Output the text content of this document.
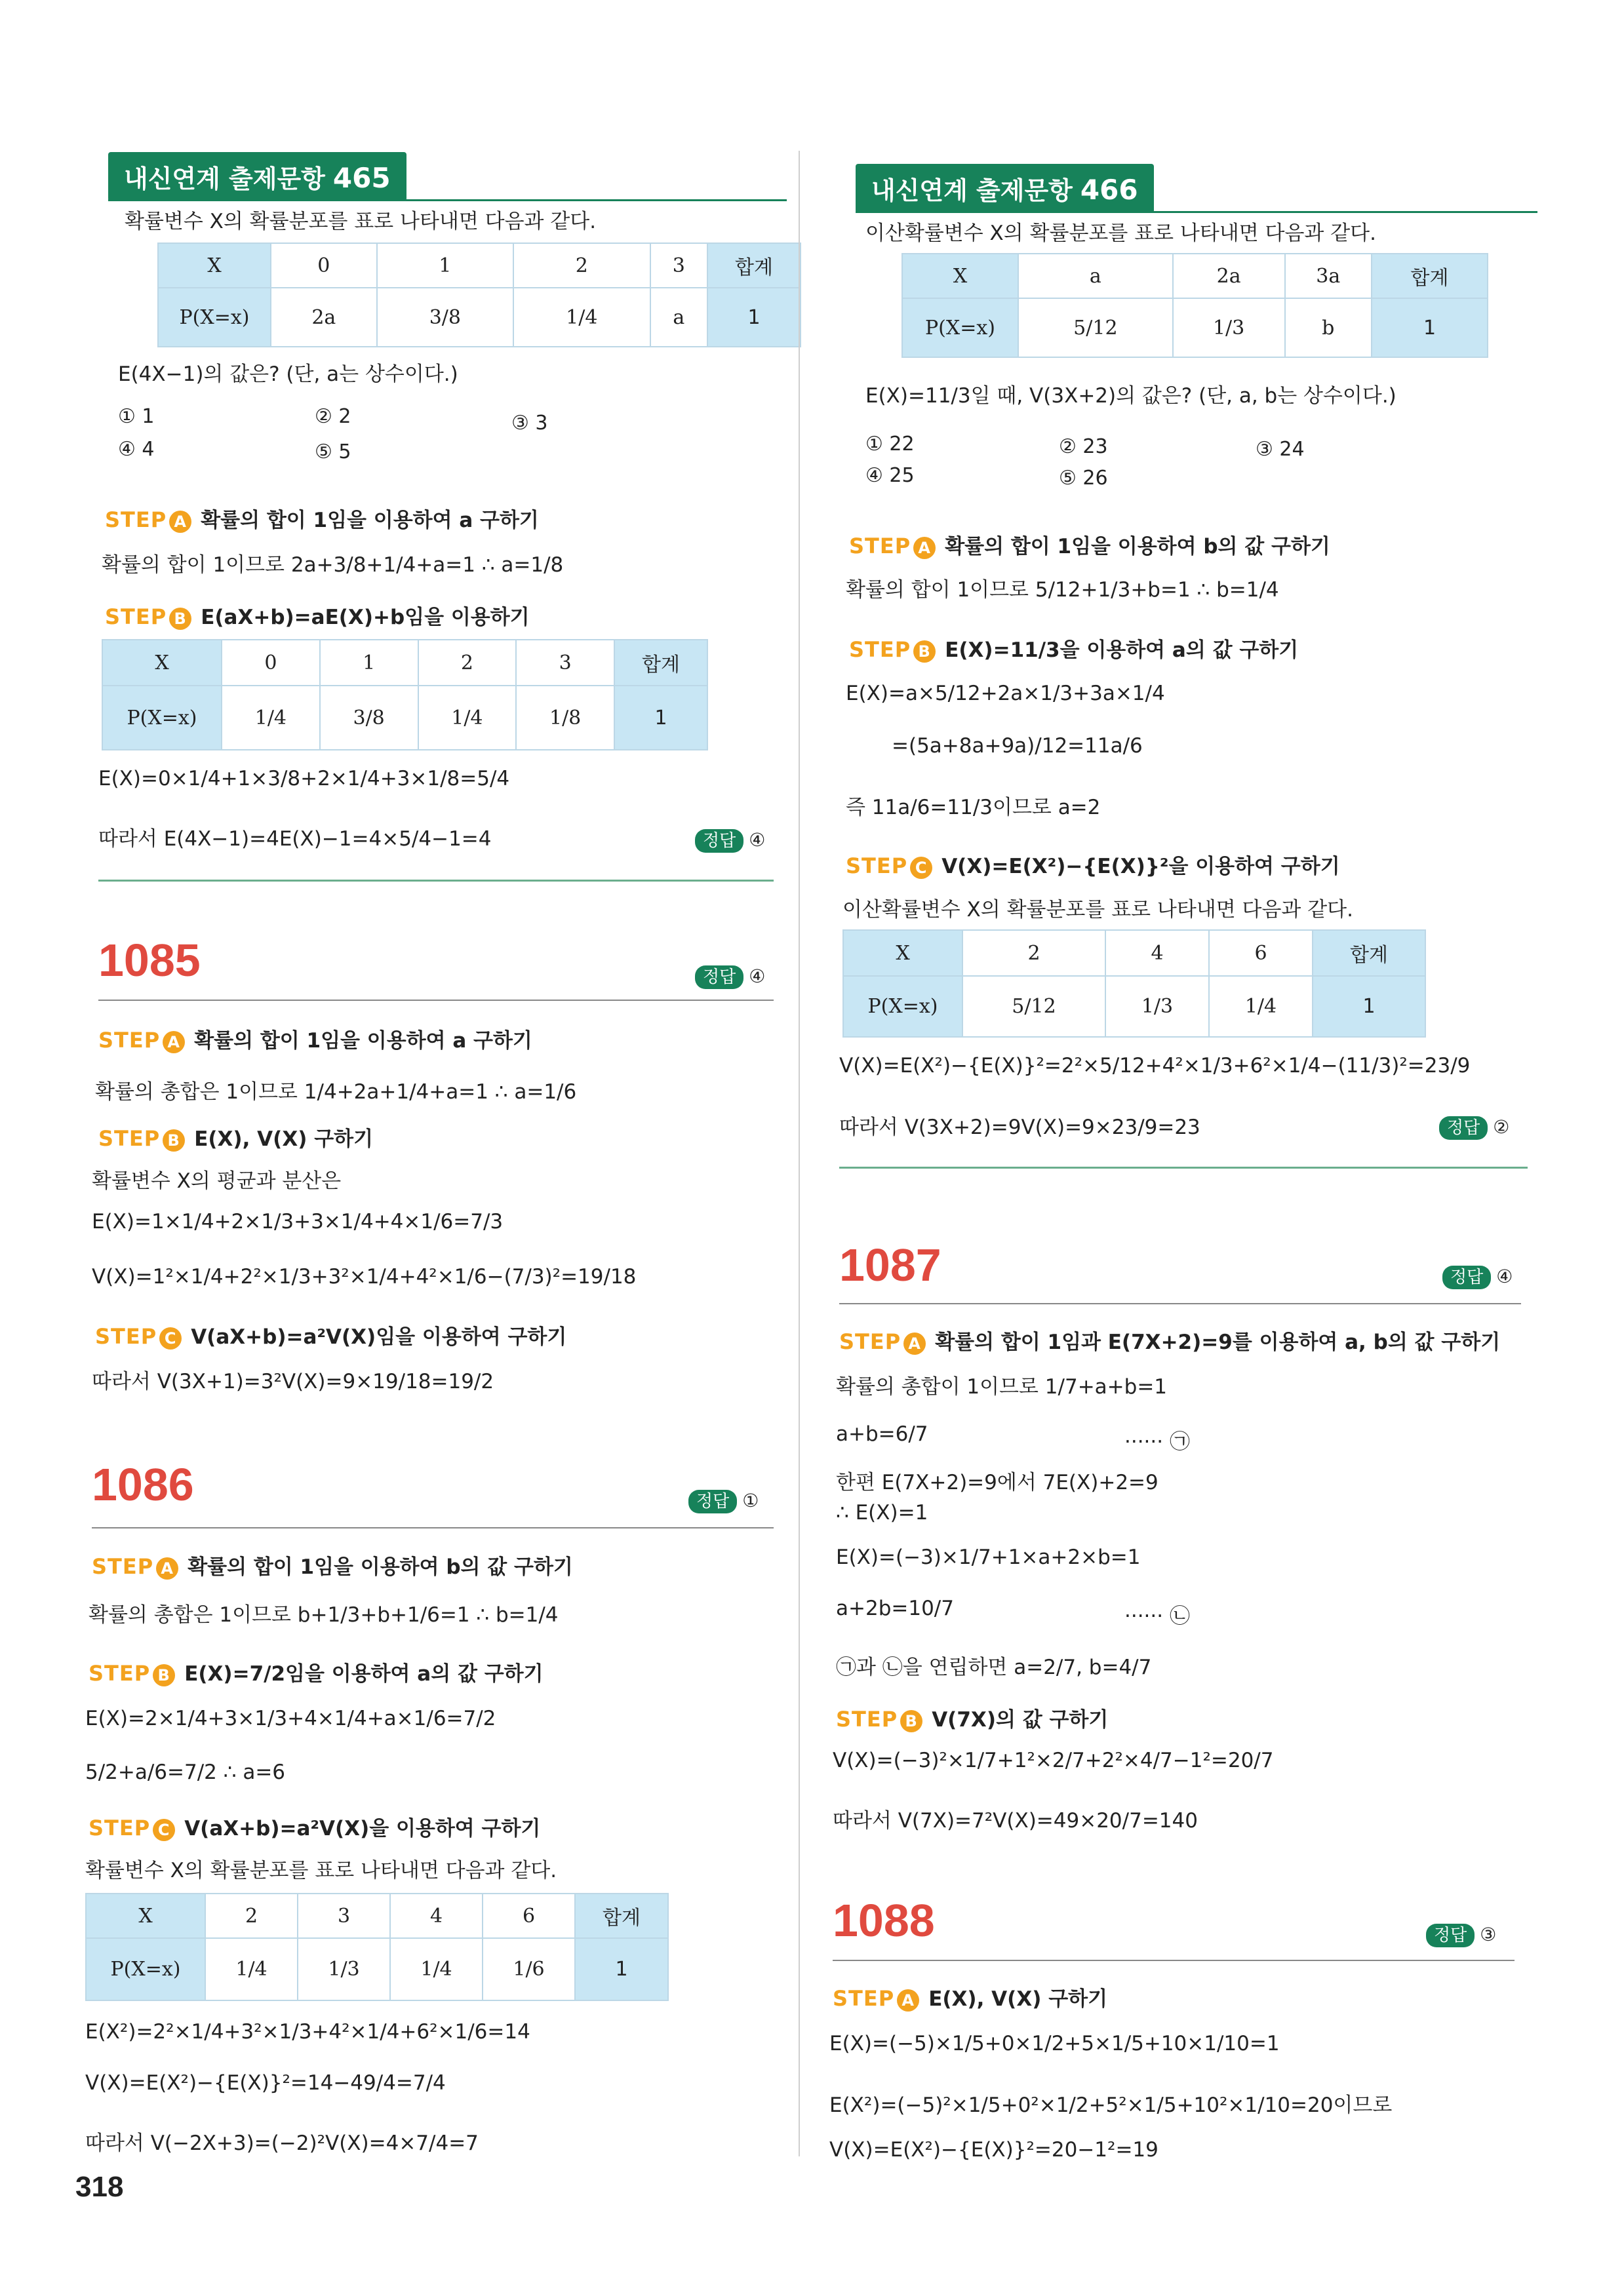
내신연계 출제문항 465
확률변수 X의 확률분포를 표로 나타내면 다음과 같다.
X	0	1	2	3	합계
P(X=x)	2a	3/8	1/4	a	1
E(4X−1)의 값은? (단, a는 상수이다.)
① 1	② 2	③ 3
④ 4	⑤ 5
STEP A 확률의 합이 1임을 이용하여 a 구하기
확률의 합이 1이므로 2a+3/8+1/4+a=1 ∴ a=1/8
STEP B E(aX+b)=aE(X)+b임을 이용하기
X	0	1	2	3	합계
P(X=x)	1/4	3/8	1/4	1/8	1
E(X)=0×1/4+1×3/8+2×1/4+3×1/8=5/4
따라서 E(4X−1)=4E(X)−1=4×5/4−1=4	정답 ④
1085	정답 ④
STEP A 확률의 합이 1임을 이용하여 a 구하기
확률의 총합은 1이므로 1/4+2a+1/4+a=1 ∴ a=1/6
STEP B E(X), V(X) 구하기
확률변수 X의 평균과 분산은
E(X)=1×1/4+2×1/3+3×1/4+4×1/6=7/3
V(X)=1²×1/4+2²×1/3+3²×1/4+4²×1/6−(7/3)²=19/18
STEP C V(aX+b)=a²V(X)임을 이용하여 구하기
따라서 V(3X+1)=3²V(X)=9×19/18=19/2
1086	정답 ①
STEP A 확률의 합이 1임을 이용하여 b의 값 구하기
확률의 총합은 1이므로 b+1/3+b+1/6=1 ∴ b=1/4
STEP B E(X)=7/2임을 이용하여 a의 값 구하기
E(X)=2×1/4+3×1/3+4×1/4+a×1/6=7/2
5/2+a/6=7/2 ∴ a=6
STEP C V(aX+b)=a²V(X)을 이용하여 구하기
확률변수 X의 확률분포를 표로 나타내면 다음과 같다.
X	2	3	4	6	합계
P(X=x)	1/4	1/3	1/4	1/6	1
E(X²)=2²×1/4+3²×1/3+4²×1/4+6²×1/6=14
V(X)=E(X²)−{E(X)}²=14−49/4=7/4
따라서 V(−2X+3)=(−2)²V(X)=4×7/4=7
318
내신연계 출제문항 466
이산확률변수 X의 확률분포를 표로 나타내면 다음과 같다.
X	a	2a	3a	합계
P(X=x)	5/12	1/3	b	1
E(X)=11/3일 때, V(3X+2)의 값은? (단, a, b는 상수이다.)
① 22	② 23	③ 24
④ 25	⑤ 26
STEP A 확률의 합이 1임을 이용하여 b의 값 구하기
확률의 합이 1이므로 5/12+1/3+b=1 ∴ b=1/4
STEP B E(X)=11/3을 이용하여 a의 값 구하기
E(X)=a×5/12+2a×1/3+3a×1/4
=(5a+8a+9a)/12=11a/6
즉 11a/6=11/3이므로 a=2
STEP C V(X)=E(X²)−{E(X)}²을 이용하여 구하기
이산확률변수 X의 확률분포를 표로 나타내면 다음과 같다.
X	2	4	6	합계
P(X=x)	5/12	1/3	1/4	1
V(X)=E(X²)−{E(X)}²=2²×5/12+4²×1/3+6²×1/4−(11/3)²=23/9
따라서 V(3X+2)=9V(X)=9×23/9=23	정답 ②
1087	정답 ④
STEP A 확률의 합이 1임과 E(7X+2)=9를 이용하여 a, b의 값 구하기
확률의 총합이 1이므로 1/7+a+b=1
a+b=6/7	······ ㉠
한편 E(7X+2)=9에서 7E(X)+2=9
∴ E(X)=1
E(X)=(−3)×1/7+1×a+2×b=1
a+2b=10/7	······ ㉡
㉠과 ㉡을 연립하면 a=2/7, b=4/7
STEP B V(7X)의 값 구하기
V(X)=(−3)²×1/7+1²×2/7+2²×4/7−1²=20/7
따라서 V(7X)=7²V(X)=49×20/7=140
1088	정답 ③
STEP A E(X), V(X) 구하기
E(X)=(−5)×1/5+0×1/2+5×1/5+10×1/10=1
E(X²)=(−5)²×1/5+0²×1/2+5²×1/5+10²×1/10=20이므로
V(X)=E(X²)−{E(X)}²=20−1²=19
